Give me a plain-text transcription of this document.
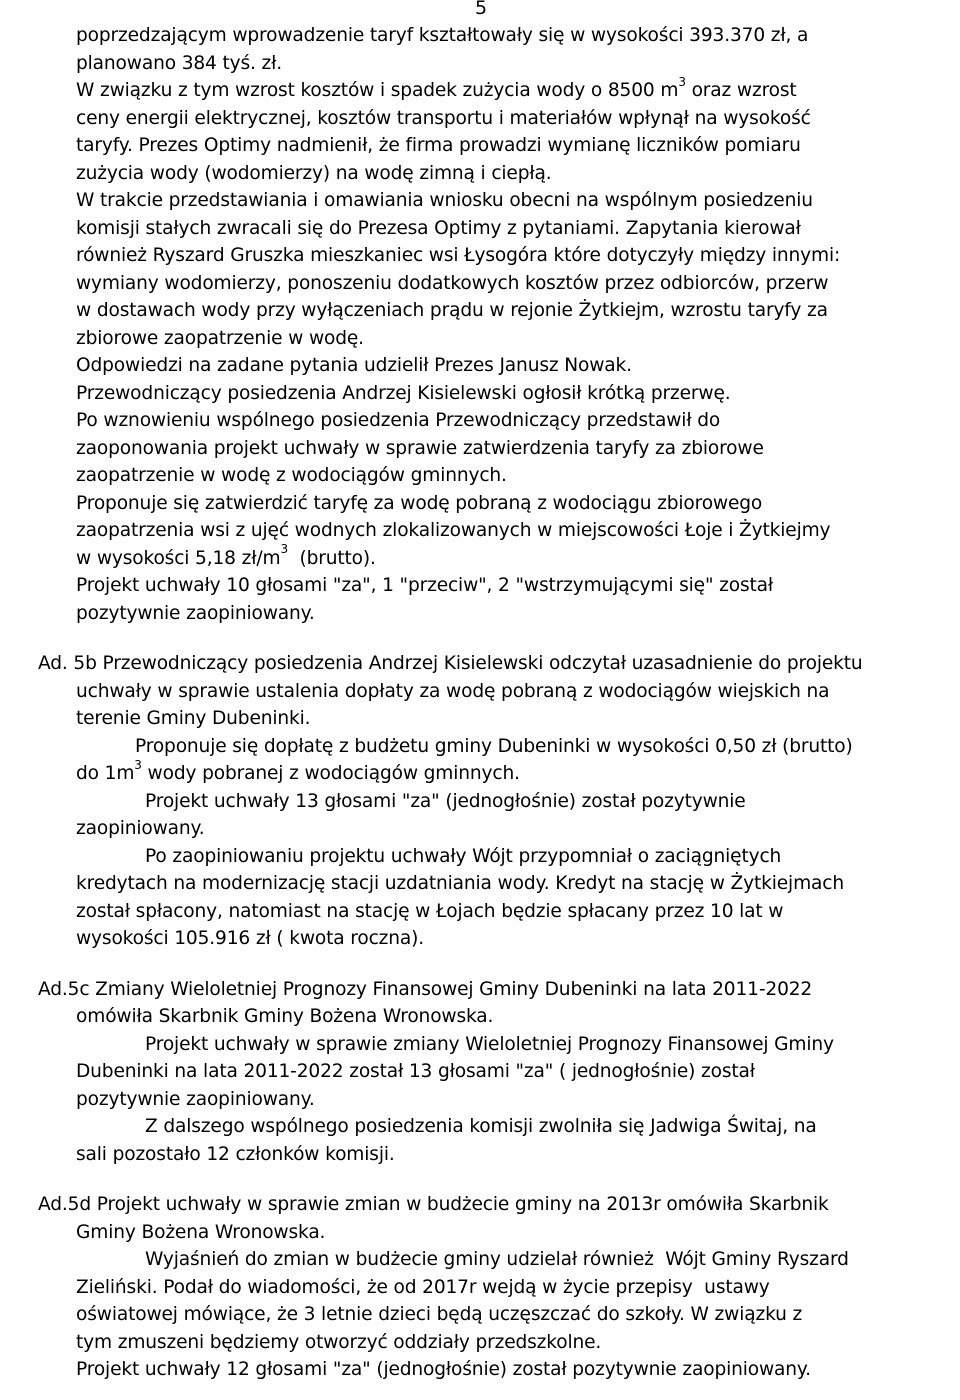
5
poprzedzającym wprowadzenie taryf kształtowały się w wysokości 393.370 zł, a
planowano 384 tyś. zł.
W związku z tym wzrost kosztów i spadek zużycia wody o 8500 $m^3$ oraz wzrost
ceny energii elektrycznej, kosztów transportu i materiałów wpłynął na wysokość
taryfy. Prezes Optimy nadmienił, że firma prowadzi wymianę liczników pomiaru
zużycia wody (wodomierzy) na wodę zimną i ciepłą.
W trakcie przedstawiania i omawiania wniosku obecni na wspólnym posiedzeniu
komisji stałych zwracali się do Prezesa Optimy z pytaniami. Zapytania kierował
również Ryszard Gruszka mieszkaniec wsi Łysogóra które dotyczyły między innymi:
wymiany wodomierzy, ponoszeniu dodatkowych kosztów przez odbiorców, przerw
w dostawach wody przy wyłączeniach prądu w rejonie Żytkiejm, wzrostu taryfy za
zbiorowe zaopatrzenie w wodę.
Odpowiedzi na zadane pytania udzielił Prezes Janusz Nowak.
Przewodniczący posiedzenia Andrzej Kisielewski ogłosił krótką przerwę.
Po wznowieniu wspólnego posiedzenia Przewodniczący przedstawił do
zaoponowania projekt uchwały w sprawie zatwierdzenia taryfy za zbiorowe
zaopatrzenie w wodę z wodociągów gminnych.
Proponuje się zatwierdzić taryfę za wodę pobraną z wodociągu zbiorowego
zaopatrzenia wsi z ujęć wodnych zlokalizowanych w miejscowości Łoje i Żytkiejmy
w wysokości 5,18 $zł/m^3$  (brutto).
Projekt uchwały 10 głosami "za", 1 "przeciw", 2 "wstrzymującymi się" został
pozytywnie zaopiniowany.
Ad. 5b Przewodniczący posiedzenia Andrzej Kisielewski odczytał uzasadnienie do projektu
uchwały w sprawie ustalenia dopłaty za wodę pobraną z wodociągów wiejskich na
terenie Gminy Dubeninki.
Proponuje się dopłatę z budżetu gminy Dubeninki w wysokości 0,50 zł (brutto)
do $1m^3$ wody pobranej z wodociągów gminnych.
Projekt uchwały 13 głosami "za" (jednogłośnie) został pozytywnie
zaopiniowany.
Po zaopiniowaniu projektu uchwały Wójt przypomniał o zaciągniętych
kredytach na modernizację stacji uzdatniania wody. Kredyt na stację w Żytkiejmach
został spłacony, natomiast na stację w Łojach będzie spłacany przez 10 lat w
wysokości 105.916 zł ( kwota roczna).
Ad.5c Zmiany Wieloletniej Prognozy Finansowej Gminy Dubeninki na lata 2011-2022
omówiła Skarbnik Gminy Bożena Wronowska.
Projekt uchwały w sprawie zmiany Wieloletniej Prognozy Finansowej Gminy
Dubeninki na lata 2011-2022 został 13 głosami "za" ( jednogłośnie) został
pozytywnie zaopiniowany.
Z dalszego wspólnego posiedzenia komisji zwolniła się Jadwiga Świtaj, na
sali pozostało 12 członków komisji.
Ad.5d Projekt uchwały w sprawie zmian w budżecie gminy na 2013r omówiła Skarbnik
Gminy Bożena Wronowska.
Wyjaśnień do zmian w budżecie gminy udzielał również  Wójt Gminy Ryszard
Zieliński. Podał do wiadomości, że od 2017r wejdą w życie przepisy  ustawy
oświatowej mówiące, że 3 letnie dzieci będą uczęszczać do szkoły. W związku z
tym zmuszeni będziemy otworzyć oddziały przedszkolne.
Projekt uchwały 12 głosami "za" (jednogłośnie) został pozytywnie zaopiniowany.
